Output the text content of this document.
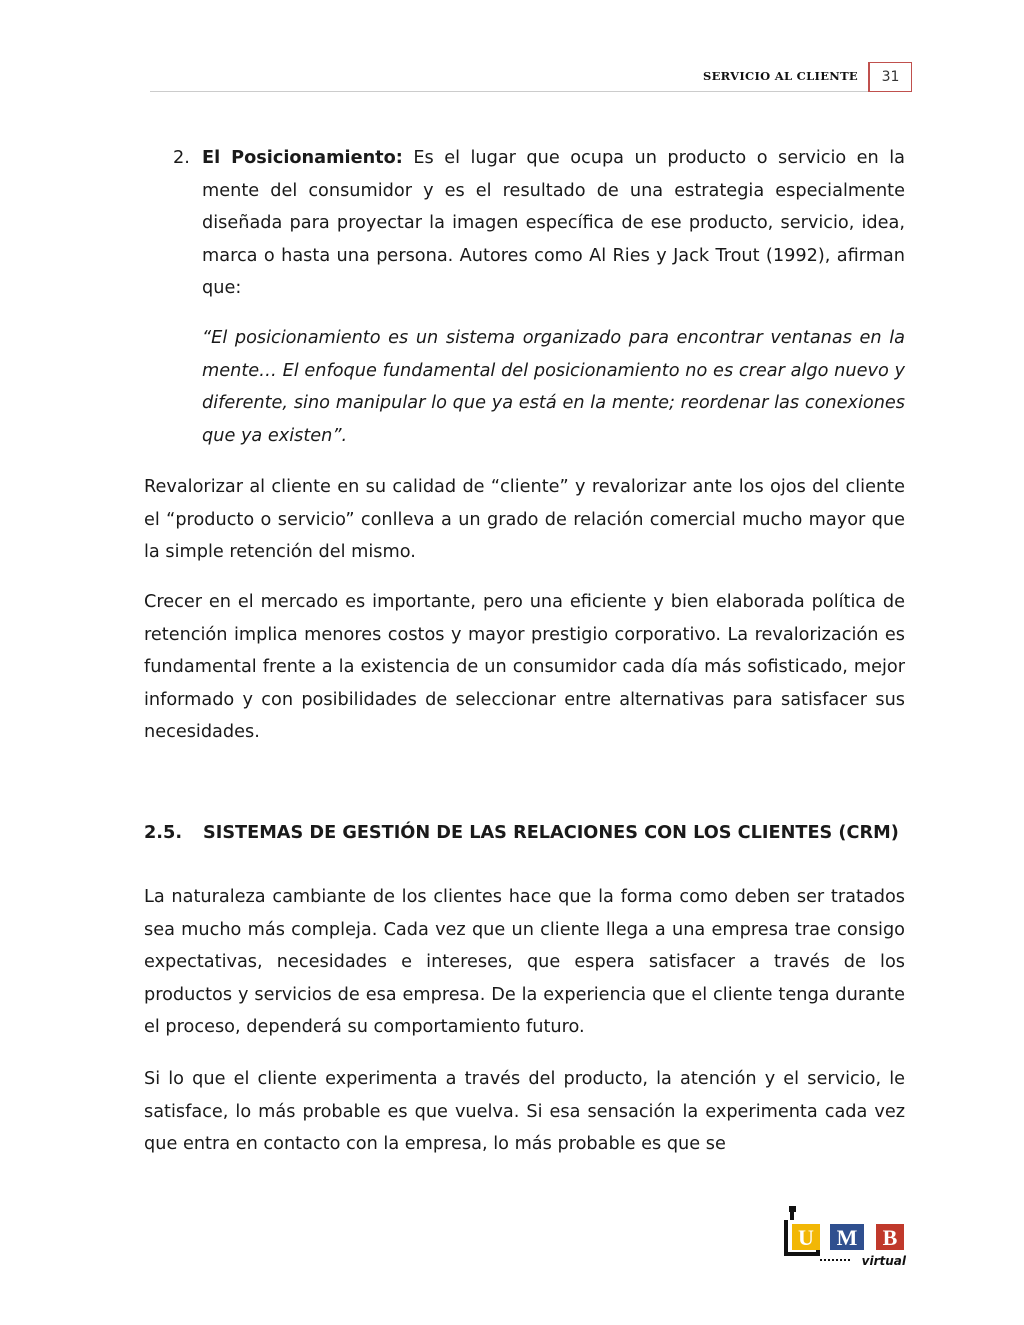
SERVICIO AL CLIENTE	31
2. El Posicionamiento: Es el lugar que ocupa un producto o servicio en la mente del consumidor y es el resultado de una estrategia especialmente diseñada para proyectar la imagen específica de ese producto, servicio, idea, marca o hasta una persona. Autores como Al Ries y Jack Trout (1992), afirman que:

“El posicionamiento es un sistema organizado para encontrar ventanas en la mente… El enfoque fundamental del posicionamiento no es crear algo nuevo y diferente, sino manipular lo que ya está en la mente; reordenar las conexiones que ya existen”.

Revalorizar al cliente en su calidad de “cliente” y revalorizar ante los ojos del cliente el “producto o servicio” conlleva a un grado de relación comercial mucho mayor que la simple retención del mismo.

Crecer en el mercado es importante, pero una eficiente y bien elaborada política de retención implica menores costos y mayor prestigio corporativo. La revalorización es fundamental frente a la existencia de un consumidor cada día más sofisticado, mejor informado y con posibilidades de seleccionar entre alternativas para satisfacer sus necesidades.

2.5. SISTEMAS DE GESTIÓN DE LAS RELACIONES CON LOS CLIENTES (CRM)

La naturaleza cambiante de los clientes hace que la forma como deben ser tratados sea mucho más compleja. Cada vez que un cliente llega a una empresa trae consigo expectativas, necesidades e intereses, que espera satisfacer a través de los productos y servicios de esa empresa. De la experiencia que el cliente tenga durante el proceso, dependerá su comportamiento futuro.

Si lo que el cliente experimenta a través del producto, la atención y el servicio, le satisface, lo más probable es que vuelva. Si esa sensación la experimenta cada vez que entra en contacto con la empresa, lo más probable es que se

U M B
virtual
